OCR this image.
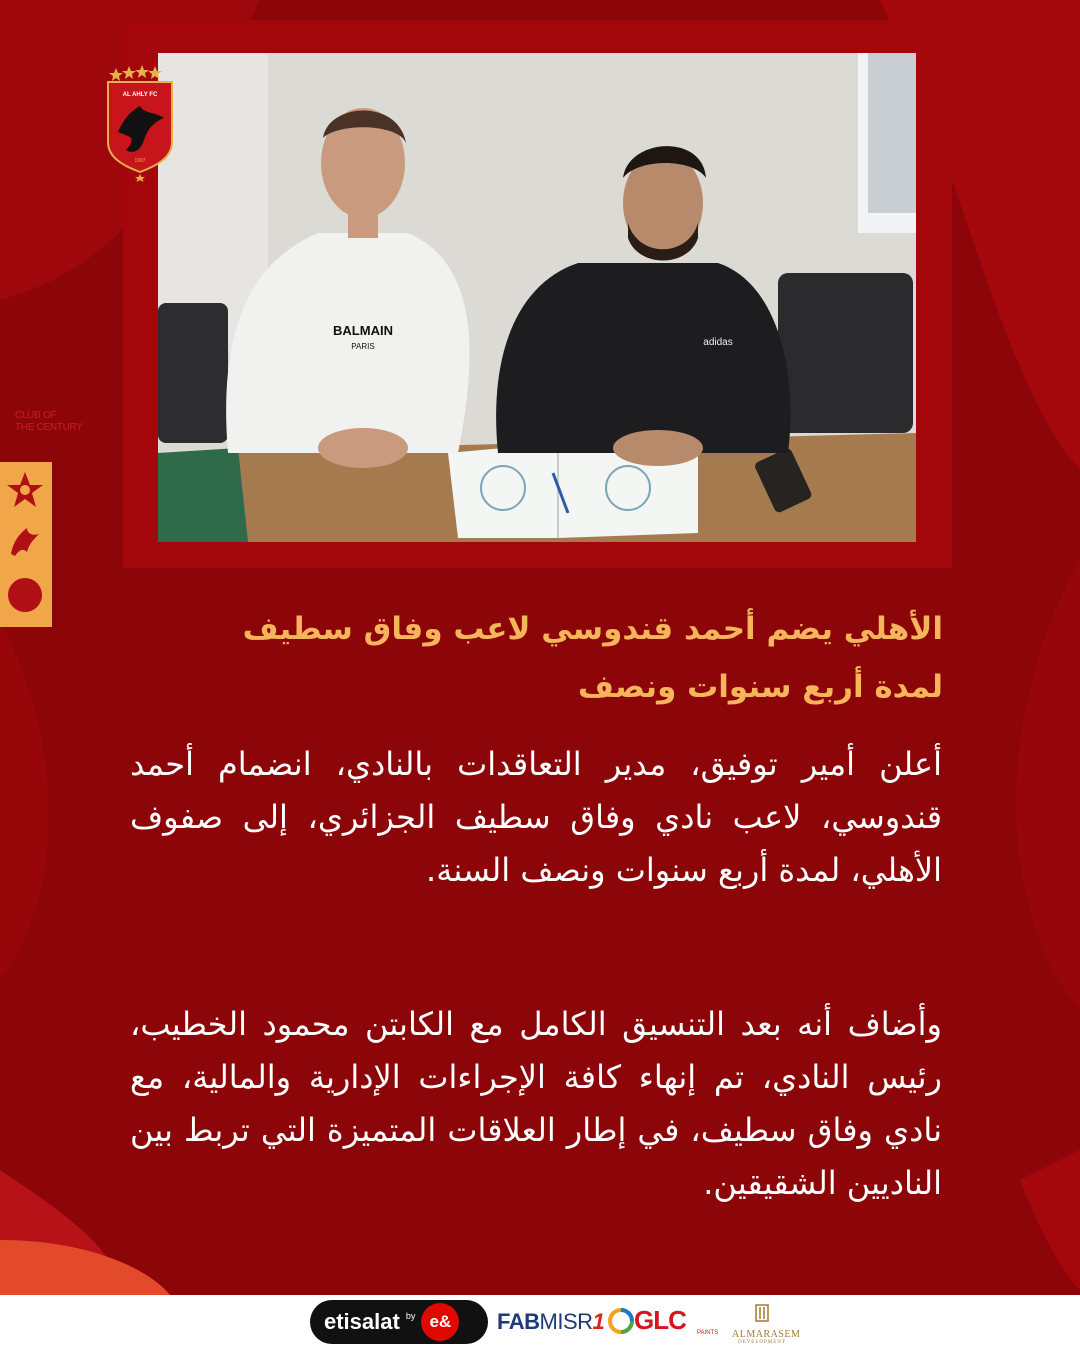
BALMAIN
PARIS	adidas
AL AHLY FC
1907
CLUB OF
THE CENTURY
الأهلي يضم أحمد قندوسي لاعب وفاق سطيف
لمدة أربع سنوات ونصف
أعلن أمير توفيق، مدير التعاقدات بالنادي، انضمام أحمد قندوسي، لاعب نادي وفاق سطيف الجزائري، إلى صفوف الأهلي، لمدة أربع سنوات ونصف السنة.
وأضاف أنه بعد التنسيق الكامل مع الكابتن محمود الخطيب، رئيس النادي، تم إنهاء كافة الإجراءات الإدارية والمالية، مع نادي وفاق سطيف، في إطار العلاقات المتميزة التي تربط بين الناديين الشقيقين.
etisalat by e&	FABMISR1 GLC PAINTS ALMARASEM
DEVELOPMENT
